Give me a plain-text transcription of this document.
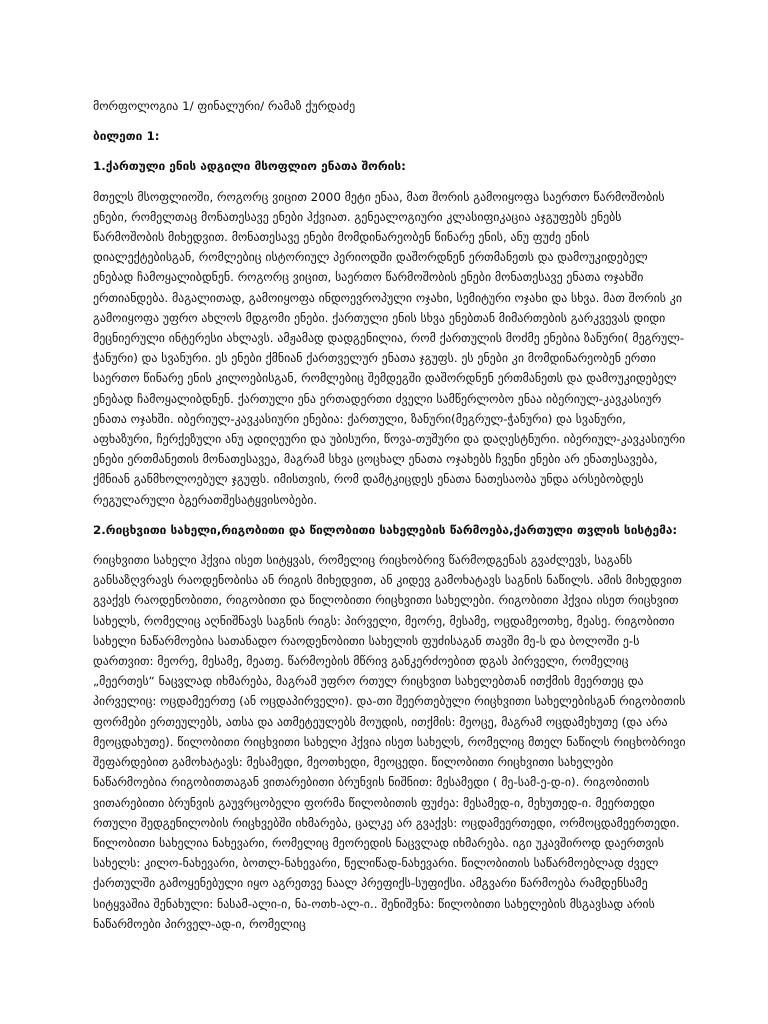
მორფოლოგია 1/ ფინალური/ რამაზ ქურდაძე

ბილეთი 1:

1.ქართული ენის ადგილი მსოფლიო ენათა შორის:

მთელს მსოფლიოში, როგორც ვიცით 2000 მეტი ენაა, მათ შორის გამოიყოფა საერთო წარმოშობის ენები, რომელთაც მონათესავე ენები ჰქვიათ. გენეალოგიური კლასიფიკაცია აჯგუფებს ენებს წარმოშობის მიხედვით. მონათესავე ენები მომდინარეობენ წინარე ენის, ანუ ფუძე ენის დიალექტებისგან, რომლებიც ისტორიულ პერიოდში დაშორდნენ ერთმანეთს და დამოუკიდებელ ენებად ჩამოყალიბდნენ. როგორც ვიცით, საერთო წარმოშობის ენები მონათესავე ენათა ოჯახში ერთიანდება. მაგალითად, გამოიყოფა ინდოევროპული ოჯახი, სემიტური ოჯახი და სხვა. მათ შორის კი გამოიყოფა უფრო ახლოს მდგომი ენები. ქართული ენის სხვა ენებთან მიმართების გარკვევას დიდი მეცნიერული ინტერესი ახლავს. ამჟამად დადგენილია, რომ ქართულის მოძმე ენებია ზანური( მეგრულ-ჭანური) და სვანური. ეს ენები ქმნიან ქართველურ ენათა ჯგუფს. ეს ენები კი მომდინარეობენ ერთი საერთო წინარე ენის კილოებისგან, რომლებიც შემდეგში დაშორდნენ ერთმანეთს და დამოუკიდებელ ენებად ჩამოყალიბდნენ. ქართული ენა ერთადერთი ძველი სამწერლობო ენაა იბერიულ-კავკასიურ ენათა ოჯახში. იბერიულ-კავკასიური ენებია: ქართული, ზანური(მეგრულ-ჭანური) და სვანური, აფხაზური, ჩერქეზული ანუ ადიღეური და უბისური, წოვა-თუშური და დაღესტნური. იბერიულ-კავკასიური ენები ერთმანეთის მონათესავეა, მაგრამ სხვა ცოცხალ ენათა ოჯახებს ჩვენი ენები არ ენათესავება, ქმნიან განმხოლოებულ ჯგუფს. იმისთვის, რომ დამტკიცდეს ენათა ნათესაობა უნდა არსებობდეს რეგულარული ბგერათშესატყვისობები.

2.რიცხვითი სახელი,რიგობითი და წილობითი სახელების წარმოება,ქართული თვლის სისტემა:

რიცხვითი სახელი ჰქვია ისეთ სიტყვას, რომელიც რიცხობრივ წარმოდგენას გვაძლევს, საგანს განსაზღვრავს რაოდენობისა ან რიგის მიხედვით, ან კიდევ გამოხატავს საგნის ნაწილს. ამის მიხედვით გვაქვს რაოდენობითი, რიგობითი და წილობითი რიცხვითი სახელები. რიგობითი ჰქვია ისეთ რიცხვით სახელს, რომელიც აღნიშნავს საგნის რიგს: პირველი, მეორე, მესამე, ოცდამეოთხე, მეასე. რიგობითი სახელი ნაწარმოებია სათანადო რაოდენობითი სახელის ფუძისაგან თავში მე-ს და ბოლოში ე-ს დართვით: მეორე, მესამე, მეათე. წარმოების მწრივ განკერძოებით დგას პირველი, რომელიც „მეერთეს“ ნაცვლად იხმარება, მაგრამ უფრო რთულ რიცხვით სახელებთან ითქმის მეერთეც და პირველიც: ოცდამეერთე (ან ოცდაპირველი). და-თი შეერთებული რიცხვითი სახელებისგან რიგობითის ფორმები ერთეულებს, ათსა და ათმეტეულებს მოუდის, ითქმის: მეოცე, მაგრამ ოცდამეხუთე (და არა მეოცდახუთე). წილობითი რიცხვითი სახელი ჰქვია ისეთ სახელს, რომელიც მთელ ნაწილს რიცხობრივი შეფარდებით გამოხატავს: მესამედი, მეოთხედი, მეოცედი. წილობითი რიცხვითი სახელები ნაწარმოებია რიგობითთაგან ვითარებითი ბრუნვის ნიშნით: მესამედი ( მე-სამ-ე-დ-ი). რიგობითის ვითარებითი ბრუნვის გაუვრცობელი ფორმა წილობითის ფუძეა: მესამედ-ი, მეხუთედ-ი. მეერთედი რთული შედგენილობის რიცხვებში იხმარება, ცალკე არ გვაქვს: ოცდამეერთედი, ორმოცდამეერთედი. წილობითი სახელია ნახევარი, რომელიც მეორედის ნაცვლად იხმარება. იგი უკავშიროდ დაერთვის სახელს: კილო-ნახევარი, ბოთლ-ნახევარი, წელიწად-ნახევარი. წილობითის საწარმოებლად ძველ ქართულში გამოყენებული იყო აგრეთვე ნაალ პრეფიქს-სუფიქსი. ამგვარი წარმოება რამდენსამე სიტყვაშია შენახული: ნასამ-ალი-ი, ნა-ოთხ-ალ-ი.. შენიშვნა: წილობითი სახელების მსგავსად არის ნაწარმოები პირველ-ად-ი, რომელიც
